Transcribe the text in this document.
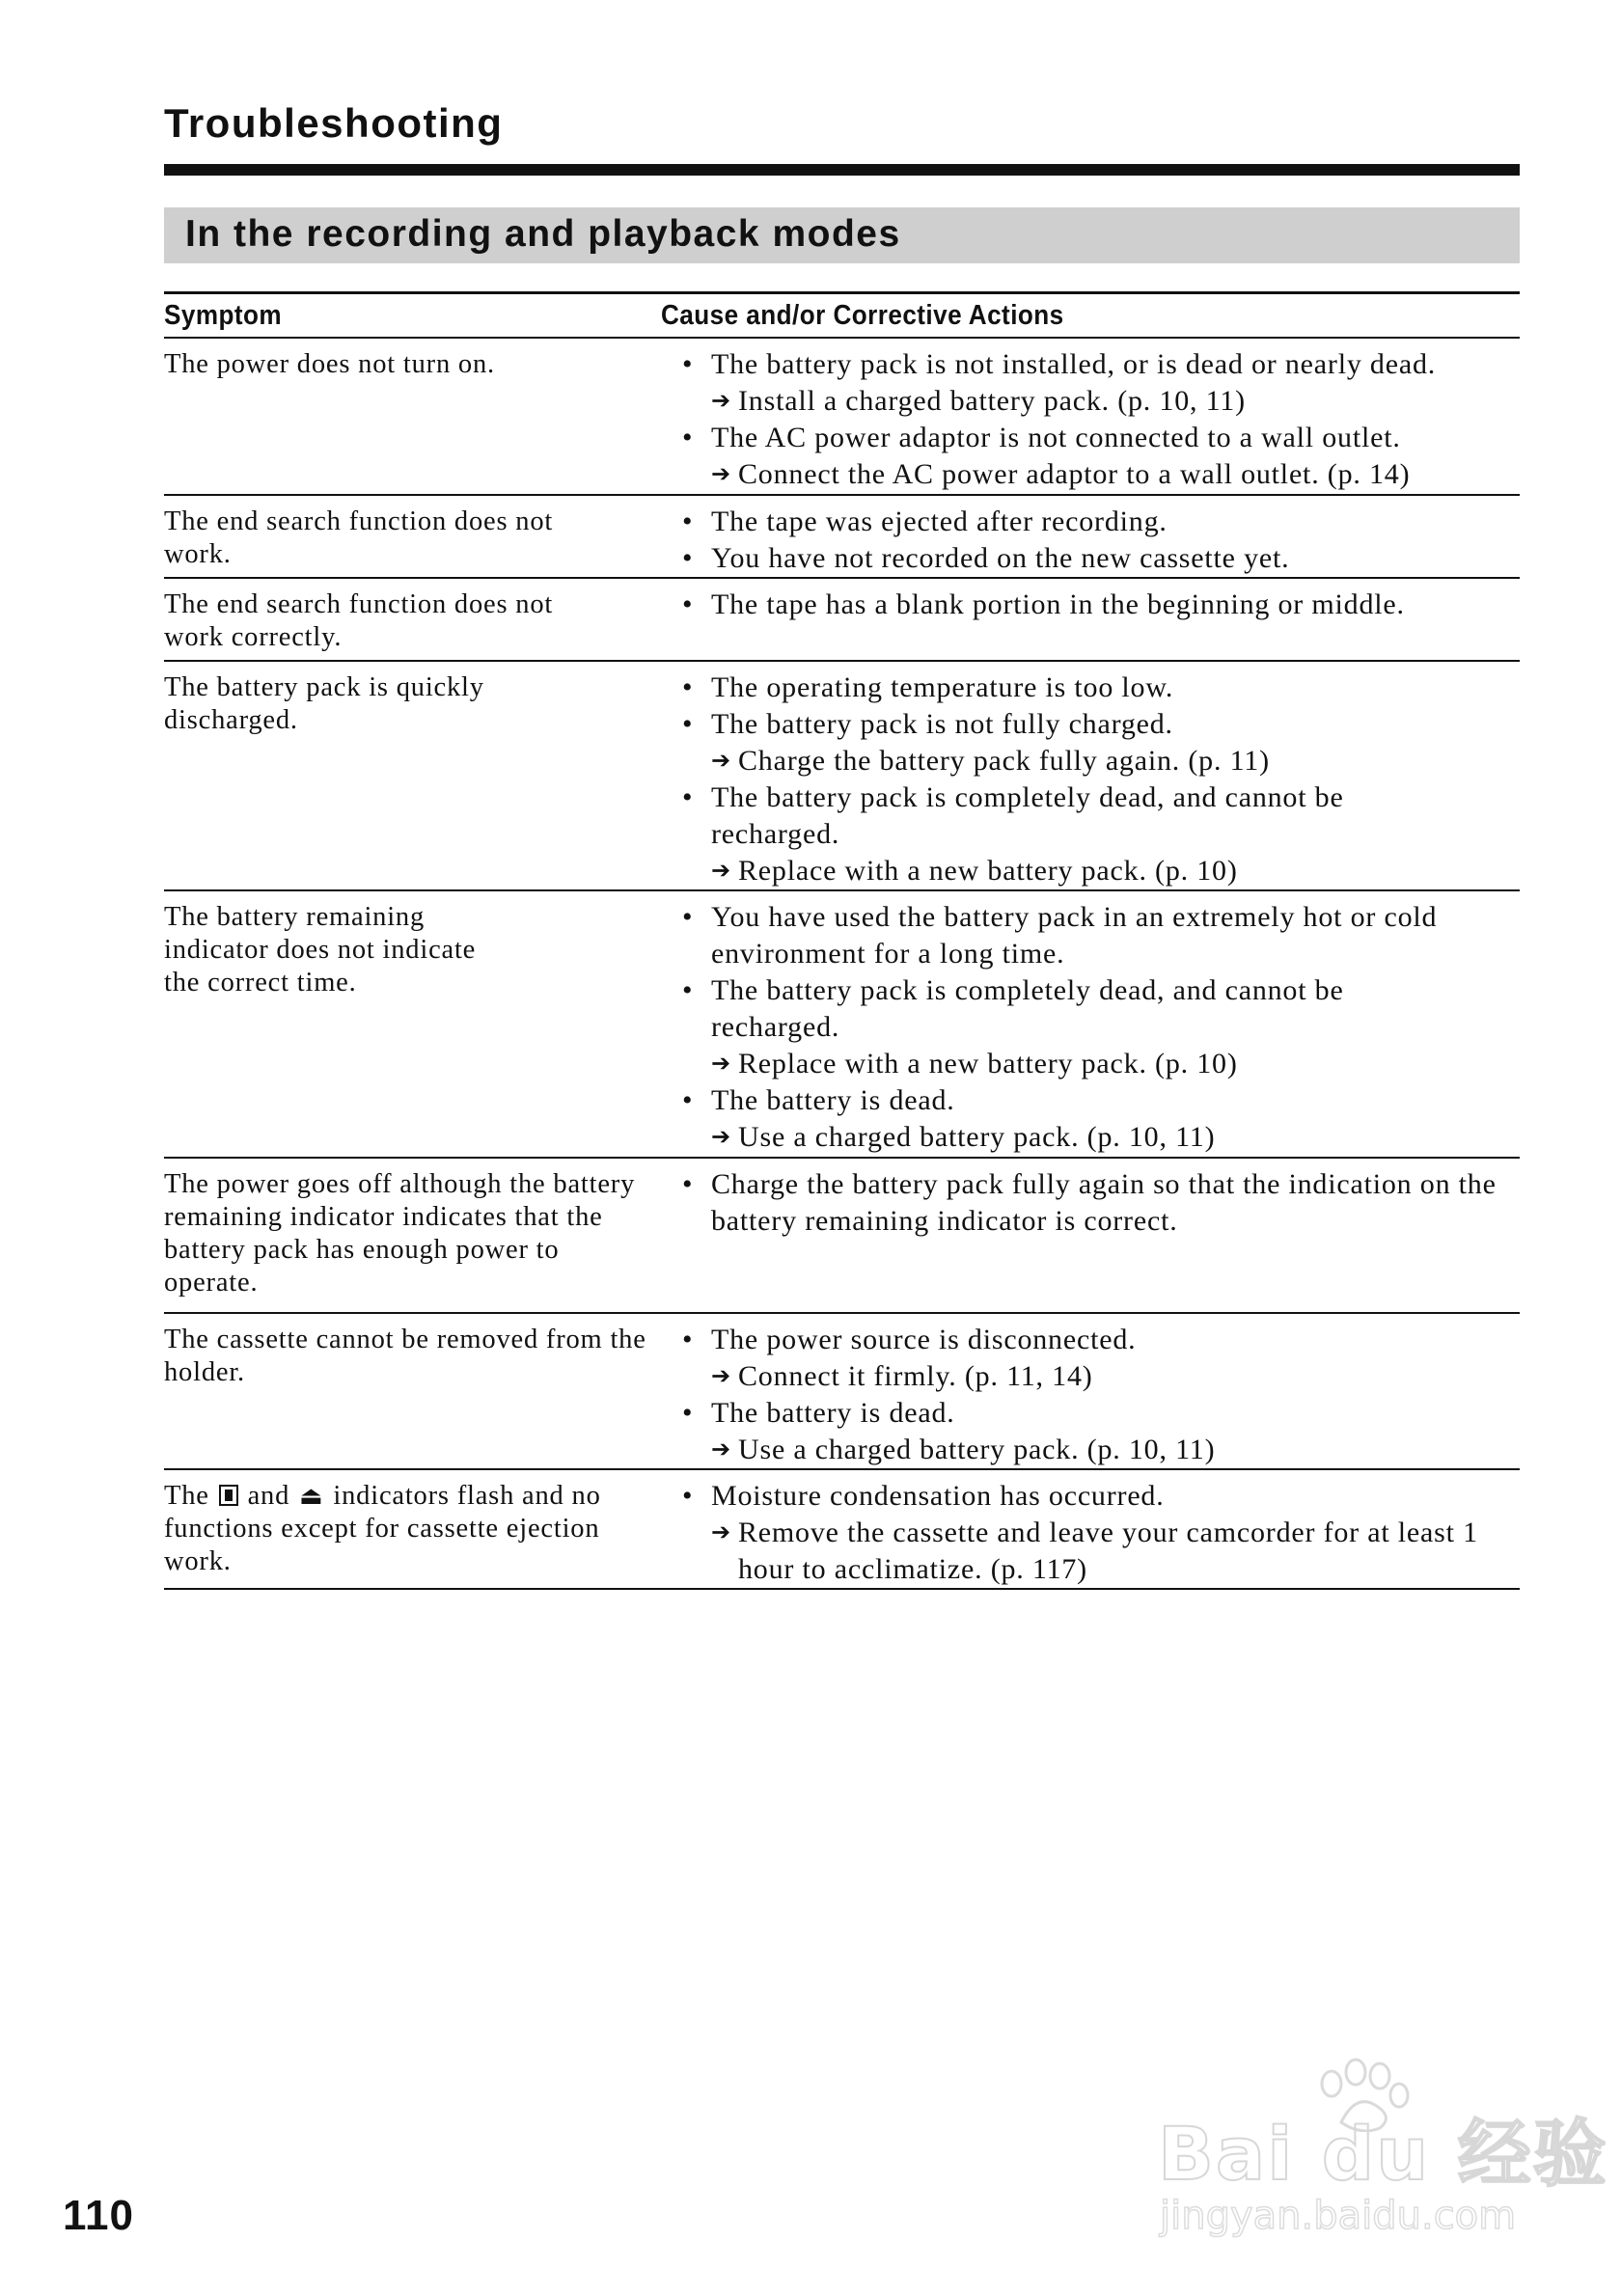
Troubleshooting
In the recording and playback modes
Symptom	Cause and/or Corrective Actions
The power does not turn on.	• The battery pack is not installed, or is dead or nearly dead.
➔ Install a charged battery pack. (p. 10, 11)
• The AC power adaptor is not connected to a wall outlet.
➔ Connect the AC power adaptor to a wall outlet. (p. 14)
The end search function does not work.
• The tape was ejected after recording.
• You have not recorded on the new cassette yet.
The end search function does not work correctly.
• The tape has a blank portion in the beginning or middle.
The battery pack is quickly discharged.
• The operating temperature is too low.
• The battery pack is not fully charged.
➔ Charge the battery pack fully again. (p. 11)
• The battery pack is completely dead, and cannot be recharged.
➔ Replace with a new battery pack. (p. 10)
The battery remaining indicator does not indicate the correct time.
• You have used the battery pack in an extremely hot or cold environment for a long time.
• The battery pack is completely dead, and cannot be recharged.
➔ Replace with a new battery pack. (p. 10)
• The battery is dead.
➔ Use a charged battery pack. (p. 10, 11)
The power goes off although the battery remaining indicator indicates that the battery pack has enough power to operate.
• Charge the battery pack fully again so that the indication on the battery remaining indicator is correct.
The cassette cannot be removed from the holder.
• The power source is disconnected.
➔ Connect it firmly. (p. 11, 14)
• The battery is dead.
➔ Use a charged battery pack. (p. 10, 11)
The and ⏏ indicators flash and no functions except for cassette ejection work.
• Moisture condensation has occurred.
➔ Remove the cassette and leave your camcorder for at least 1 hour to acclimatize. (p. 117)
110
Bai du 经验
jingyan.baidu.com
